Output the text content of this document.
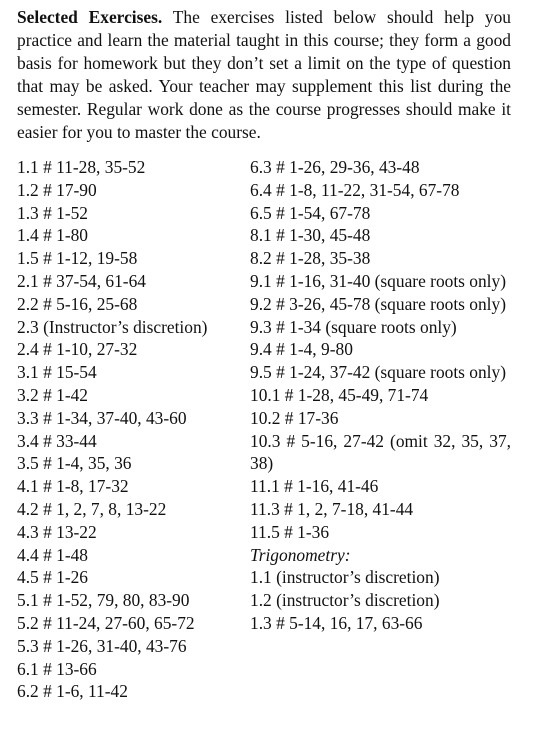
Selected Exercises. The exercises listed below should help you practice and learn the material taught in this course; they form a good basis for homework but they don’t set a limit on the type of question that may be asked. Your teacher may supplement this list during the semester. Regular work done as the course progresses should make it easier for you to master the course.

1.1 # 11-28, 35-52
1.2 # 17-90
1.3 # 1-52
1.4 # 1-80
1.5 # 1-12, 19-58
2.1 # 37-54, 61-64
2.2 # 5-16, 25-68
2.3 (Instructor’s discretion)
2.4 # 1-10, 27-32
3.1 # 15-54
3.2 # 1-42
3.3 # 1-34, 37-40, 43-60
3.4 # 33-44
3.5 # 1-4, 35, 36
4.1 # 1-8, 17-32
4.2 # 1, 2, 7, 8, 13-22
4.3 # 13-22
4.4 # 1-48
4.5 # 1-26
5.1 # 1-52, 79, 80, 83-90
5.2 # 11-24, 27-60, 65-72
5.3 # 1-26, 31-40, 43-76
6.1 # 13-66
6.2 # 1-6, 11-42
6.3 # 1-26, 29-36, 43-48
6.4 # 1-8, 11-22, 31-54, 67-78
6.5 # 1-54, 67-78
8.1 # 1-30, 45-48
8.2 # 1-28, 35-38
9.1 # 1-16, 31-40 (square roots only)
9.2 # 3-26, 45-78 (square roots only)
9.3 # 1-34 (square roots only)
9.4 # 1-4, 9-80
9.5 # 1-24, 37-42 (square roots only)
10.1 # 1-28, 45-49, 71-74
10.2 # 17-36
10.3 # 5-16, 27-42 (omit 32, 35, 37, 38)
11.1 # 1-16, 41-46
11.3 # 1, 2, 7-18, 41-44
11.5 # 1-36
Trigonometry:
1.1 (instructor’s discretion)
1.2 (instructor’s discretion)
1.3 # 5-14, 16, 17, 63-66
